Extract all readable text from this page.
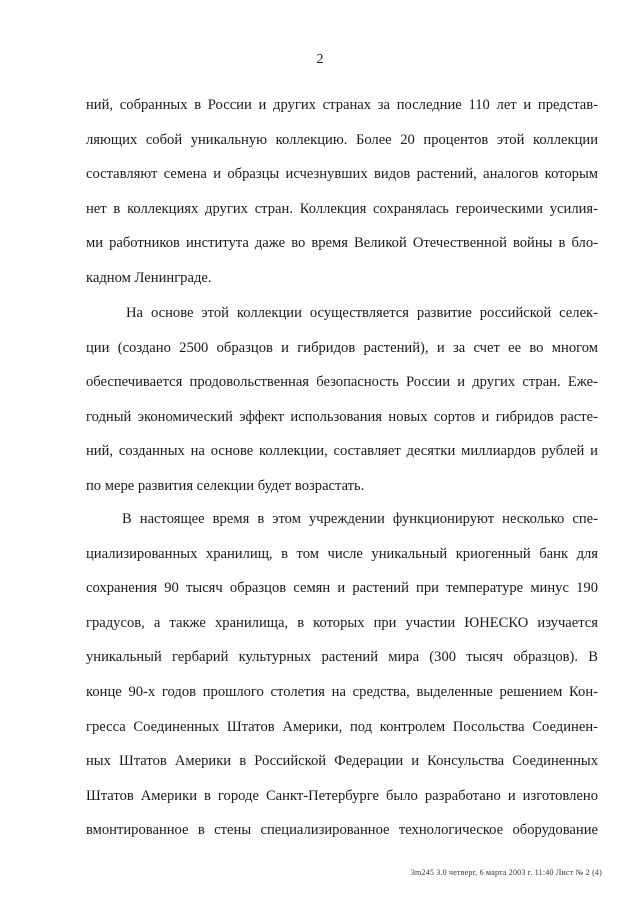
2
ний, собранных в России и других странах за последние 110 лет и представ-
ляющих собой уникальную коллекцию. Более 20 процентов этой коллекции
составляют семена и образцы исчезнувших видов растений, аналогов которым
нет в коллекциях других стран. Коллекция сохранялась героическими усилия-
ми работников института даже во время Великой Отечественной войны в бло-
кадном Ленинграде.
На основе этой коллекции осуществляется развитие российской селек-
ции (создано 2500 образцов и гибридов растений), и за счет ее во многом
обеспечивается продовольственная безопасность России и других стран. Еже-
годный экономический эффект использования новых сортов и гибридов расте-
ний, созданных на основе коллекции, составляет десятки миллиардов рублей и
по мере развития селекции будет возрастать.
В настоящее время в этом учреждении функционируют несколько спе-
циализированных хранилищ, в том числе уникальный криогенный банк для
сохранения 90 тысяч образцов семян и растений при температуре минус 190
градусов, а также хранилища, в которых при участии ЮНЕСКО изучается
уникальный гербарий культурных растений мира (300 тысяч образцов). В
конце 90-х годов прошлого столетия на средства, выделенные решением Кон-
гресса Соединенных Штатов Америки, под контролем Посольства Соединен-
ных Штатов Америки в Российской Федерации и Консульства Соединенных
Штатов Америки в городе Санкт-Петербурге было разработано и изготовлено
вмонтированное в стены специализированное технологическое оборудование
3m245 3.0 четверг, 6 марта 2003 г. 11:40 Лист № 2 (4)
